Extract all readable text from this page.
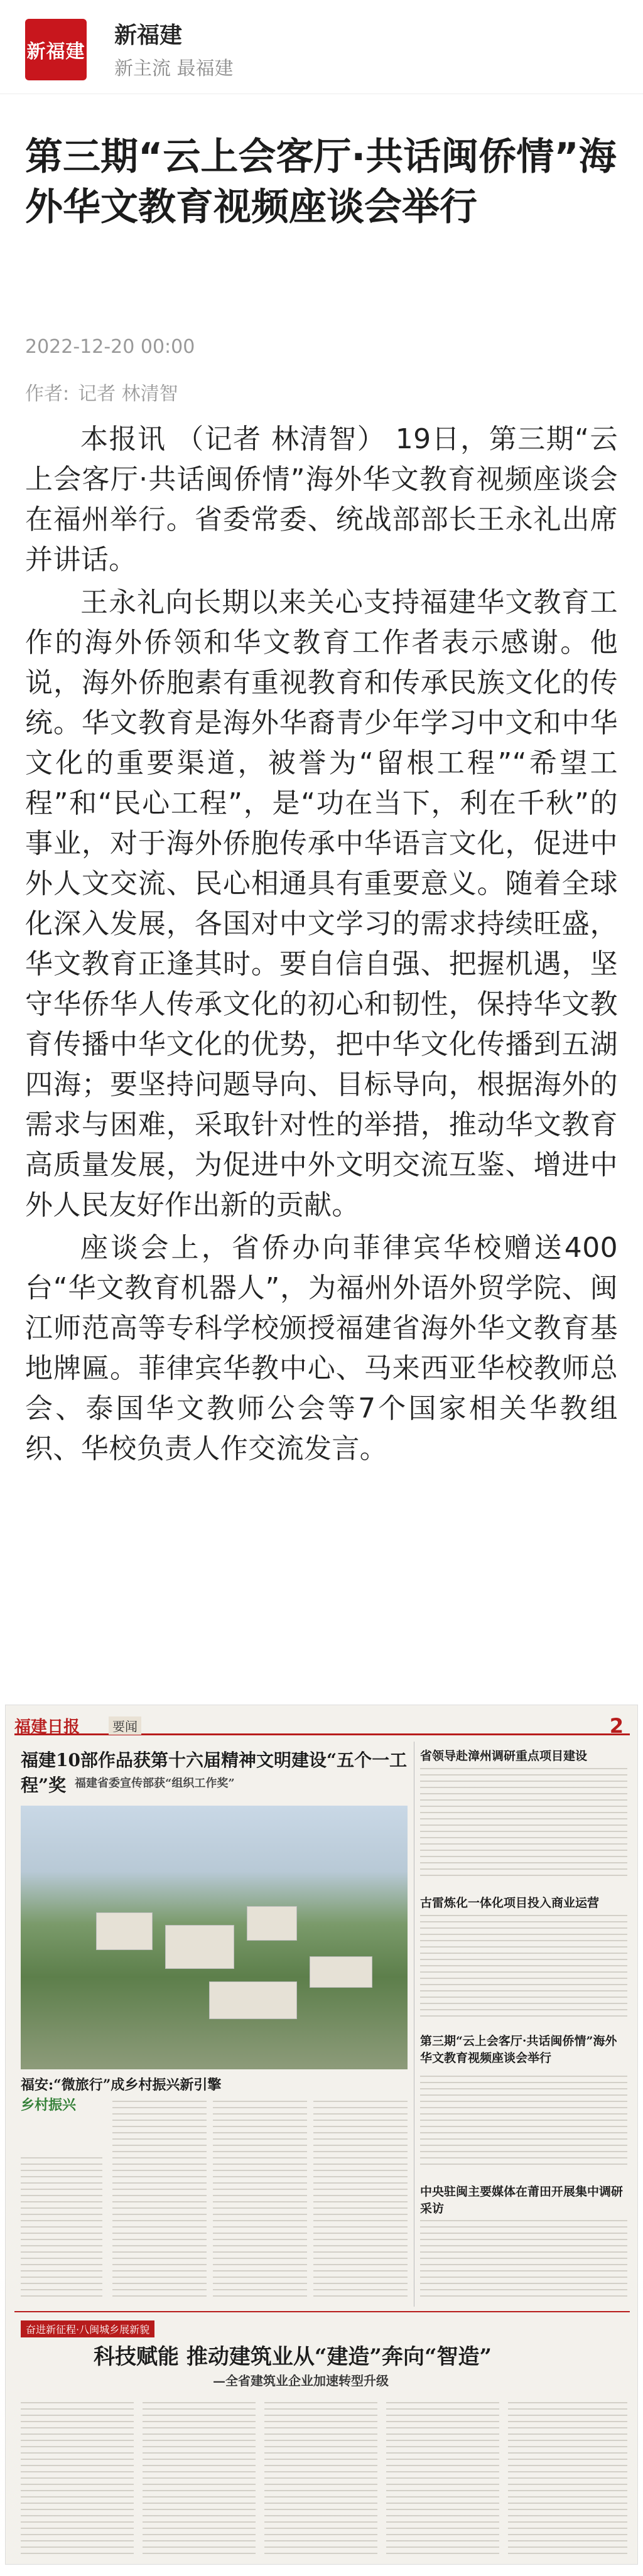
新福建
新福建
新主流 最福建
第三期“云上会客厅·共话闽侨情”海外华文教育视频座谈会举行
2022-12-20 00:00
作者: 记者 林清智

本报讯 （记者 林清智） 19日，第三期“云上会客厅·共话闽侨情”海外华文教育视频座谈会在福州举行。省委常委、统战部部长王永礼出席并讲话。

王永礼向长期以来关心支持福建华文教育工作的海外侨领和华文教育工作者表示感谢。他说，海外侨胞素有重视教育和传承民族文化的传统。华文教育是海外华裔青少年学习中文和中华文化的重要渠道，被誉为“留根工程”“希望工程”和“民心工程”，是“功在当下，利在千秋”的事业，对于海外侨胞传承中华语言文化，促进中外人文交流、民心相通具有重要意义。随着全球化深入发展，各国对中文学习的需求持续旺盛，华文教育正逢其时。要自信自强、把握机遇，坚守华侨华人传承文化的初心和韧性，保持华文教育传播中华文化的优势，把中华文化传播到五湖四海；要坚持问题导向、目标导向，根据海外的需求与困难，采取针对性的举措，推动华文教育高质量发展，为促进中外文明交流互鉴、增进中外人民友好作出新的贡献。

座谈会上，省侨办向菲律宾华校赠送400台“华文教育机器人”，为福州外语外贸学院、闽江师范高等专科学校颁授福建省海外华文教育基地牌匾。菲律宾华教中心、马来西亚华校教师总会、泰国华文教师公会等7个国家相关华教组织、华校负责人作交流发言。

福建日报	要闻	2
福建10部作品获第十六届精神文明建设“五个一工程”奖 福建省委宣传部获“组织工作奖”
福安:“微旅行”成乡村振兴新引擎
乡村振兴
省领导赴漳州调研重点项目建设
古雷炼化一体化项目投入商业运营
第三期“云上会客厅·共话闽侨情”海外华文教育视频座谈会举行
中央驻闽主要媒体在莆田开展集中调研采访
奋进新征程·八闽城乡展新貌
科技赋能 推动建筑业从“建造”奔向“智造”
—全省建筑业企业加速转型升级
